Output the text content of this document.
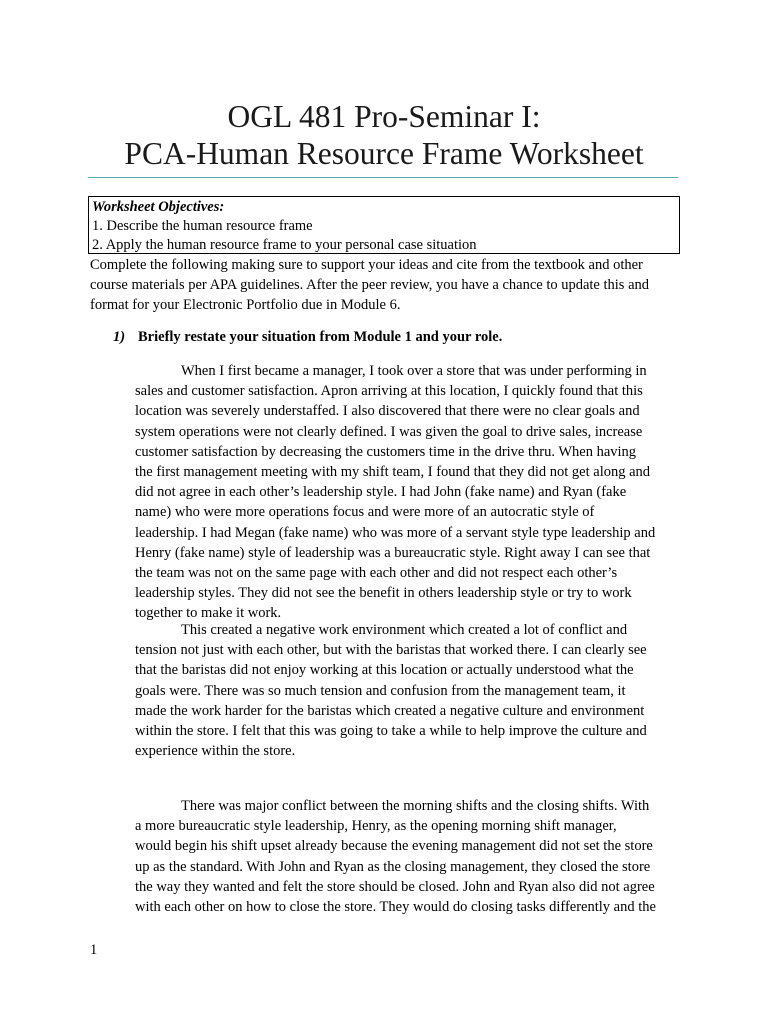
OGL 481 Pro-Seminar I:
PCA-Human Resource Frame Worksheet
Worksheet Objectives:
1. Describe the human resource frame
2. Apply the human resource frame to your personal case situation

Complete the following making sure to support your ideas and cite from the textbook and other
course materials per APA guidelines. After the peer review, you have a chance to update this and
format for your Electronic Portfolio due in Module 6.

1) Briefly restate your situation from Module 1 and your role.

When I first became a manager, I took over a store that was under performing in
sales and customer satisfaction. Apron arriving at this location, I quickly found that this
location was severely understaffed. I also discovered that there were no clear goals and
system operations were not clearly defined. I was given the goal to drive sales, increase
customer satisfaction by decreasing the customers time in the drive thru. When having
the first management meeting with my shift team, I found that they did not get along and
did not agree in each other’s leadership style. I had John (fake name) and Ryan (fake
name) who were more operations focus and were more of an autocratic style of
leadership. I had Megan (fake name) who was more of a servant style type leadership and
Henry (fake name) style of leadership was a bureaucratic style. Right away I can see that
the team was not on the same page with each other and did not respect each other’s
leadership styles. They did not see the benefit in others leadership style or try to work
together to make it work.

This created a negative work environment which created a lot of conflict and
tension not just with each other, but with the baristas that worked there. I can clearly see
that the baristas did not enjoy working at this location or actually understood what the
goals were. There was so much tension and confusion from the management team, it
made the work harder for the baristas which created a negative culture and environment
within the store. I felt that this was going to take a while to help improve the culture and
experience within the store.

There was major conflict between the morning shifts and the closing shifts. With
a more bureaucratic style leadership, Henry, as the opening morning shift manager,
would begin his shift upset already because the evening management did not set the store
up as the standard. With John and Ryan as the closing management, they closed the store
the way they wanted and felt the store should be closed. John and Ryan also did not agree
with each other on how to close the store. They would do closing tasks differently and the

1
